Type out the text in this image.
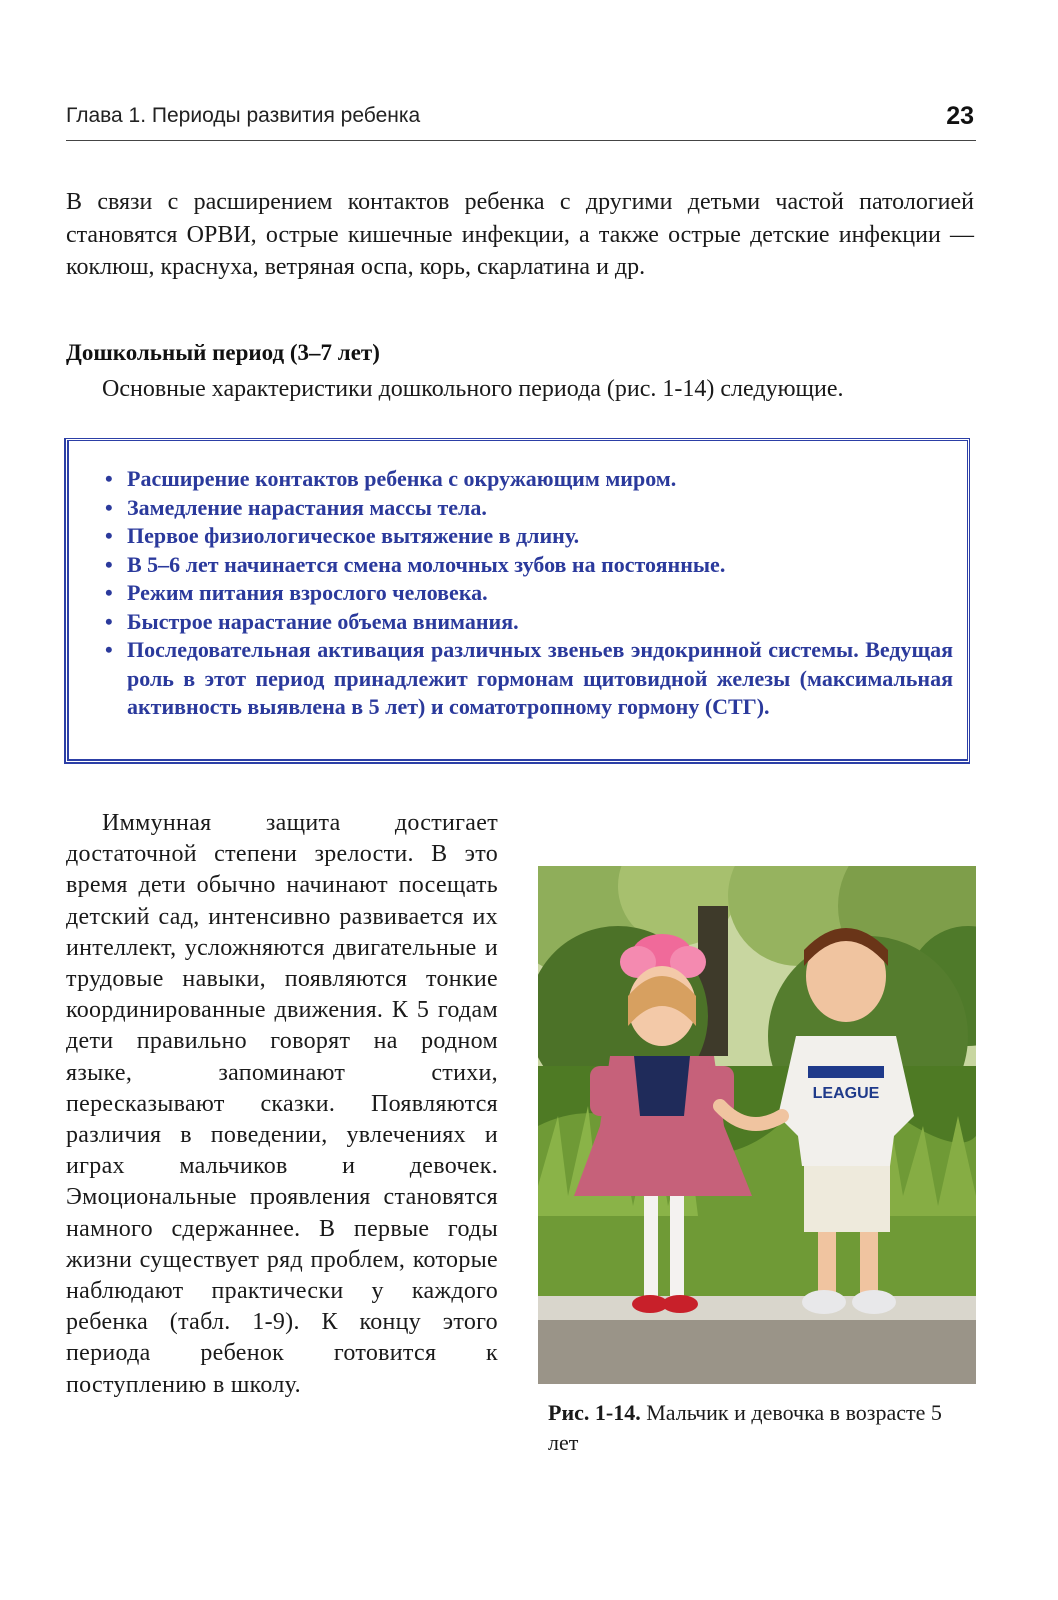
Глава 1. Периоды развития ребенка	23

В связи с расширением контактов ребенка с другими детьми частой патологией становятся ОРВИ, острые кишечные инфекции, а также острые детские инфекции — коклюш, краснуха, ветряная оспа, корь, скарлатина и др.

Дошкольный период (3–7 лет)
Основные характеристики дошкольного периода (рис. 1-14) следующие.
• Расширение контактов ребенка с окружающим миром.
• Замедление нарастания массы тела.
• Первое физиологическое вытяжение в длину.
• В 5–6 лет начинается смена молочных зубов на постоянные.
• Режим питания взрослого человека.
• Быстрое нарастание объема внимания.
• Последовательная активация различных звеньев эндокринной системы. Ведущая роль в этот период принадлежит гормонам щитовидной железы (максимальная активность выявлена в 5 лет) и соматотропному гормону (СТГ).

Иммунная защита достигает достаточной степени зрелости. В это время дети обычно начинают посещать детский сад, интенсивно развивается их интеллект, усложняются двигательные и трудовые навыки, появляются тонкие координированные движения. К 5 годам дети правильно говорят на родном языке, запоминают стихи, пересказывают сказки. Появляются различия в поведении, увлечениях и играх мальчиков и девочек. Эмоциональные проявления становятся намного сдержаннее. В первые годы жизни существует ряд проблем, которые наблюдают практически у каждого ребенка (табл. 1-9). К концу этого периода ребенок готовится к поступлению в школу.

LEAGUE
Рис. 1-14. Мальчик и девочка в возрасте 5 лет
